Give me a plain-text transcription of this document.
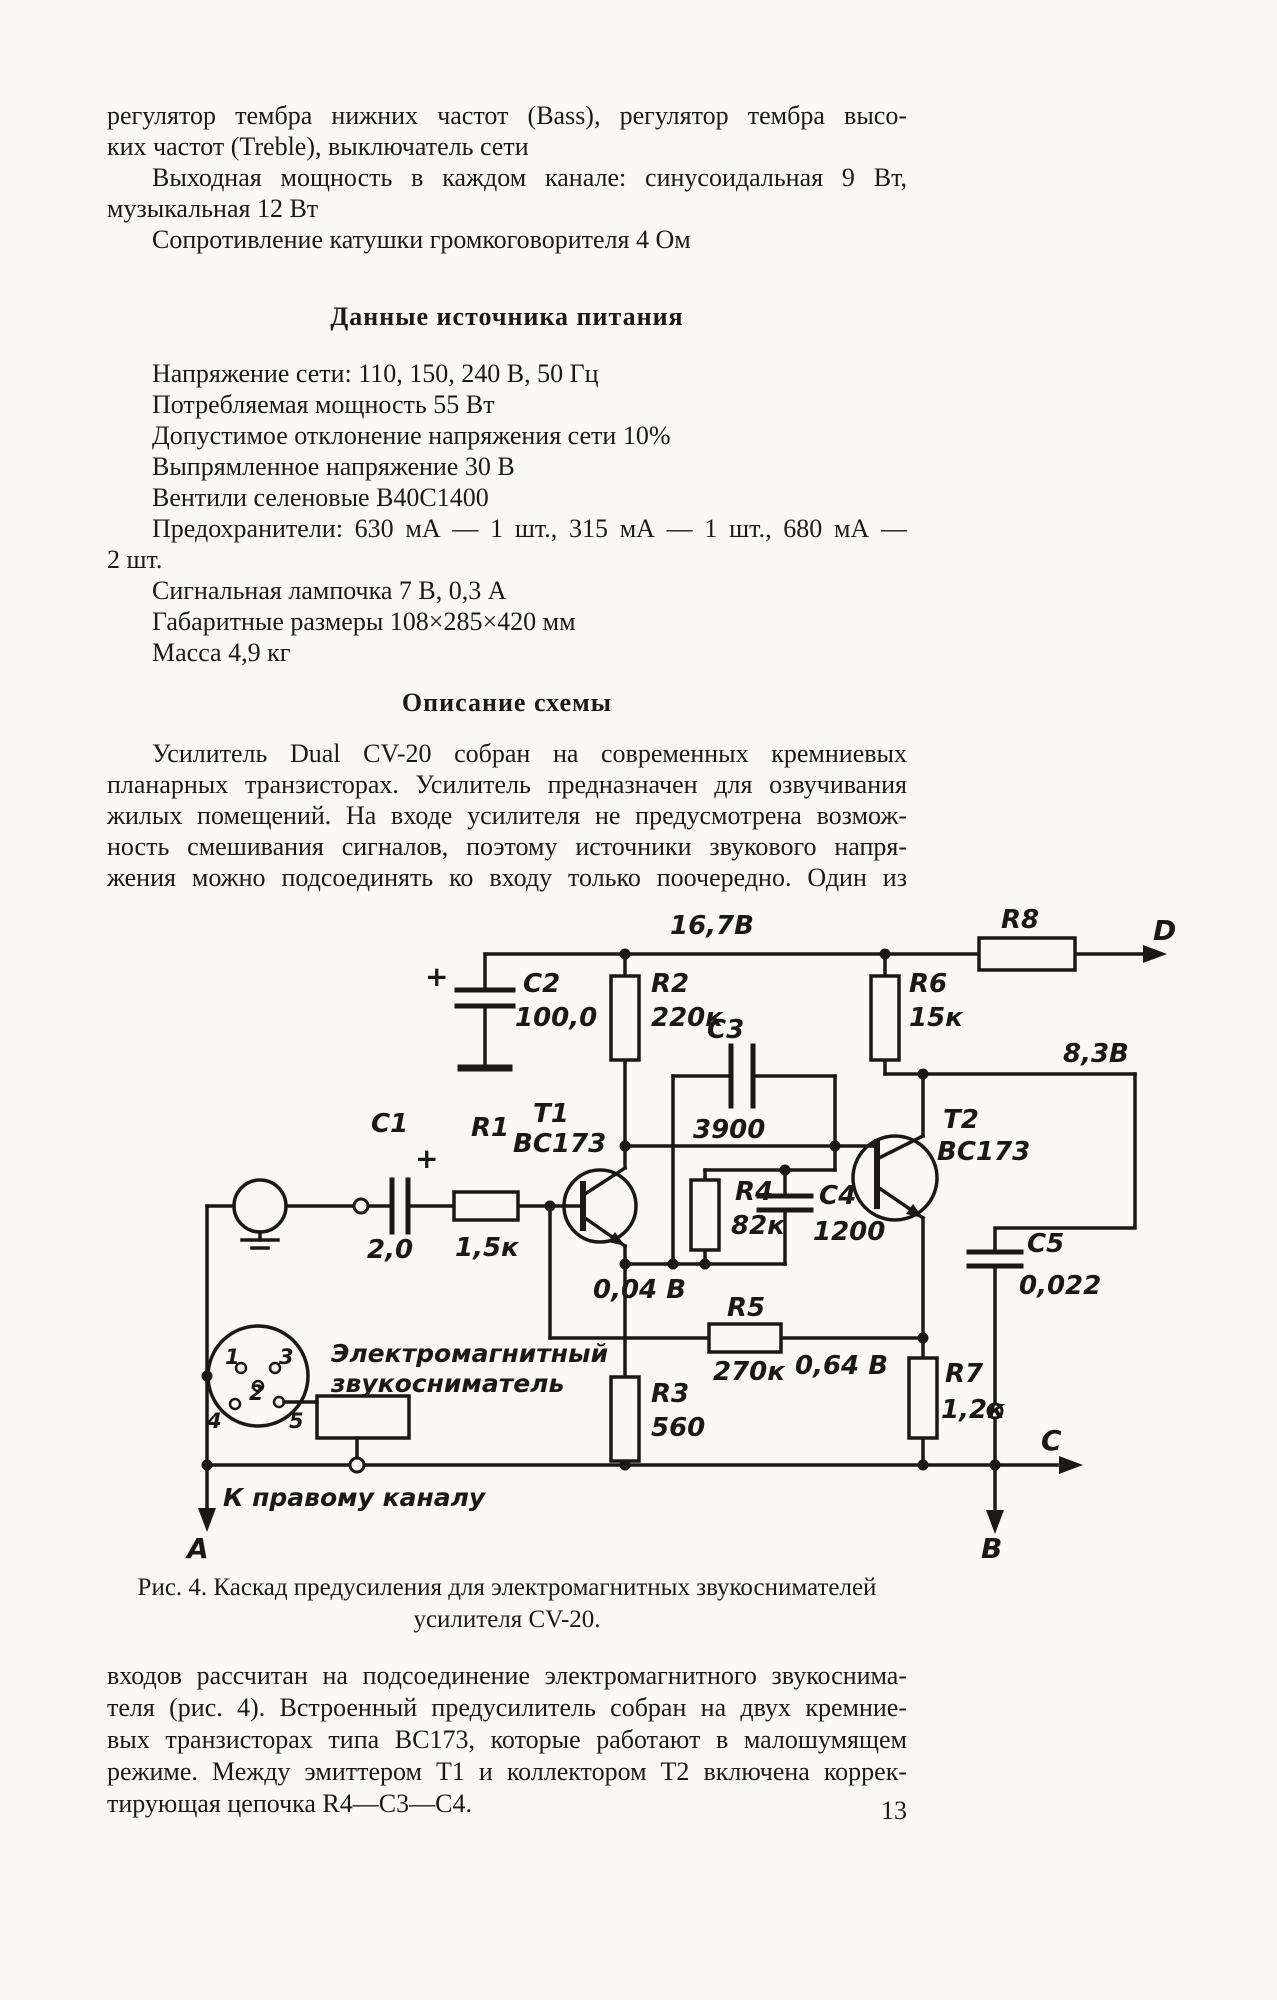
регулятор тембра нижних частот (Bass), регулятор тембра высо-
ких частот (Treble), выключатель сети
Выходная мощность в каждом канале: синусоидальная 9 Вт,
музыкальная 12 Вт
Сопротивление катушки громкоговорителя 4 Ом
Данные источника питания
Напряжение сети: 110, 150, 240 В, 50 Гц
Потребляемая мощность 55 Вт
Допустимое отклонение напряжения сети 10%
Выпрямленное напряжение 30 В
Вентили селеновые В40С1400
Предохранители: 630 мА — 1 шт., 315 мА — 1 шт., 680 мА —
2 шт.
Сигнальная лампочка 7 В, 0,3 А
Габаритные размеры 108×285×420 мм
Масса 4,9 кг
Описание схемы
Усилитель Dual CV-20 собран на современных кремниевых
планарных транзисторах. Усилитель предназначен для озвучивания
жилых помещений. На входе усилителя не предусмотрена возмож-
ность смешивания сигналов, поэтому источники звукового напря-
жения можно подсоединять ко входу только поочередно. Один из
16,7В	R8	D
+	C2
100,0
R2
220к
R6
15к
8,3В
C3
3900
T1
ВС173
T2
ВС173
C1
+
2,0
R1
1,5к
R4
82к
C4
1200
0,04 В
R5
270к 0,64 В
C5
0,022
R3
560
R7
1,2к
С
В
А
К правому каналу
Электромагнитный
звукосниматель
1 3
2
4	5
Рис. 4. Каскад предусиления для электромагнитных звукоснимателей
усилителя CV-20.
входов рассчитан на подсоединение электромагнитного звукоснима-
теля (рис. 4). Встроенный предусилитель собран на двух кремние-
вых транзисторах типа ВС173, которые работают в малошумящем
режиме. Между эмиттером Т1 и коллектором Т2 включена коррек-
тирующая цепочка R4—С3—С4.	13
